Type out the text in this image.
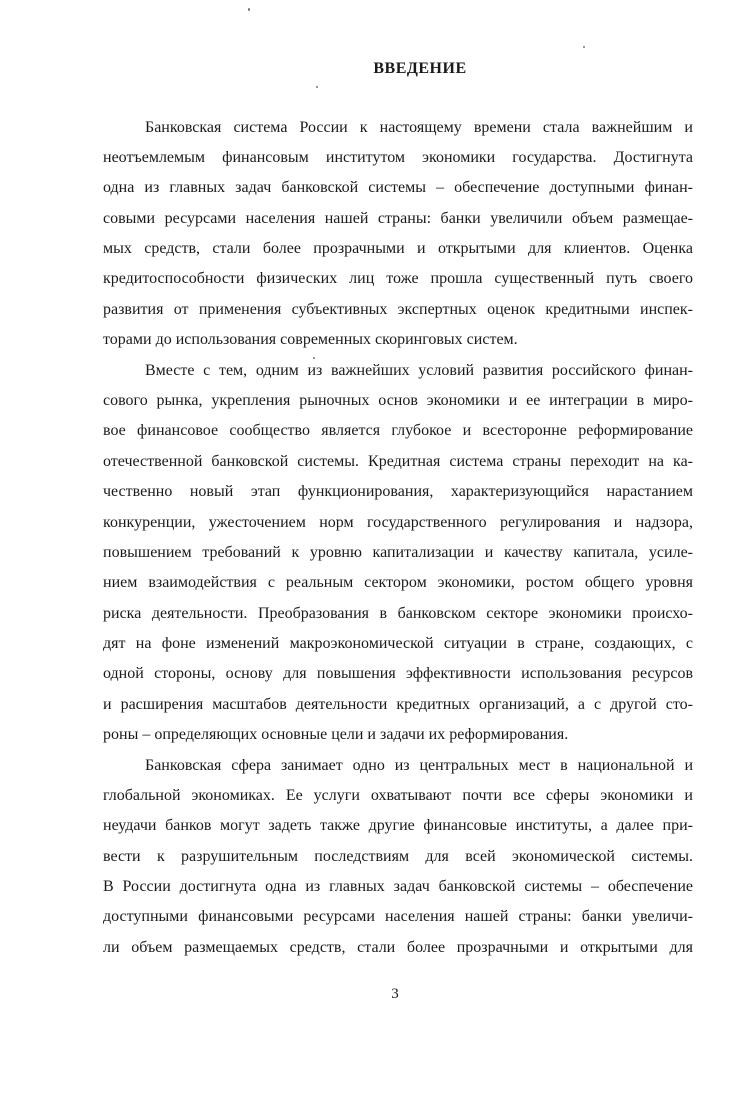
ВВЕДЕНИЕ
Банковская система России к настоящему времени стала важнейшим и
неотъемлемым финансовым институтом экономики государства. Достигнута
одна из главных задач банковской системы – обеспечение доступными финан-
совыми ресурсами населения нашей страны: банки увеличили объем размещае-
мых средств, стали более прозрачными и открытыми для клиентов. Оценка
кредитоспособности физических лиц тоже прошла существенный путь своего
развития от применения субъективных экспертных оценок кредитными инспек-
торами до использования современных скоринговых систем.
Вместе с тем, одним из важнейших условий развития российского финан-
сового рынка, укрепления рыночных основ экономики и ее интеграции в миро-
вое финансовое сообщество является глубокое и всесторонне реформирование
отечественной банковской системы. Кредитная система страны переходит на ка-
чественно новый этап функционирования, характеризующийся нарастанием
конкуренции, ужесточением норм государственного регулирования и надзора,
повышением требований к уровню капитализации и качеству капитала, усиле-
нием взаимодействия с реальным сектором экономики, ростом общего уровня
риска деятельности. Преобразования в банковском секторе экономики происхо-
дят на фоне изменений макроэкономической ситуации в стране, создающих, с
одной стороны, основу для повышения эффективности использования ресурсов
и расширения масштабов деятельности кредитных организаций, а с другой сто-
роны – определяющих основные цели и задачи их реформирования.
Банковская сфера занимает одно из центральных мест в национальной и
глобальной экономиках. Ее услуги охватывают почти все сферы экономики и
неудачи банков могут задеть также другие финансовые институты, а далее при-
вести к разрушительным последствиям для всей экономической системы.
В России достигнута одна из главных задач банковской системы – обеспечение
доступными финансовыми ресурсами населения нашей страны: банки увеличи-
ли объем размещаемых средств, стали более прозрачными и открытыми для
3
